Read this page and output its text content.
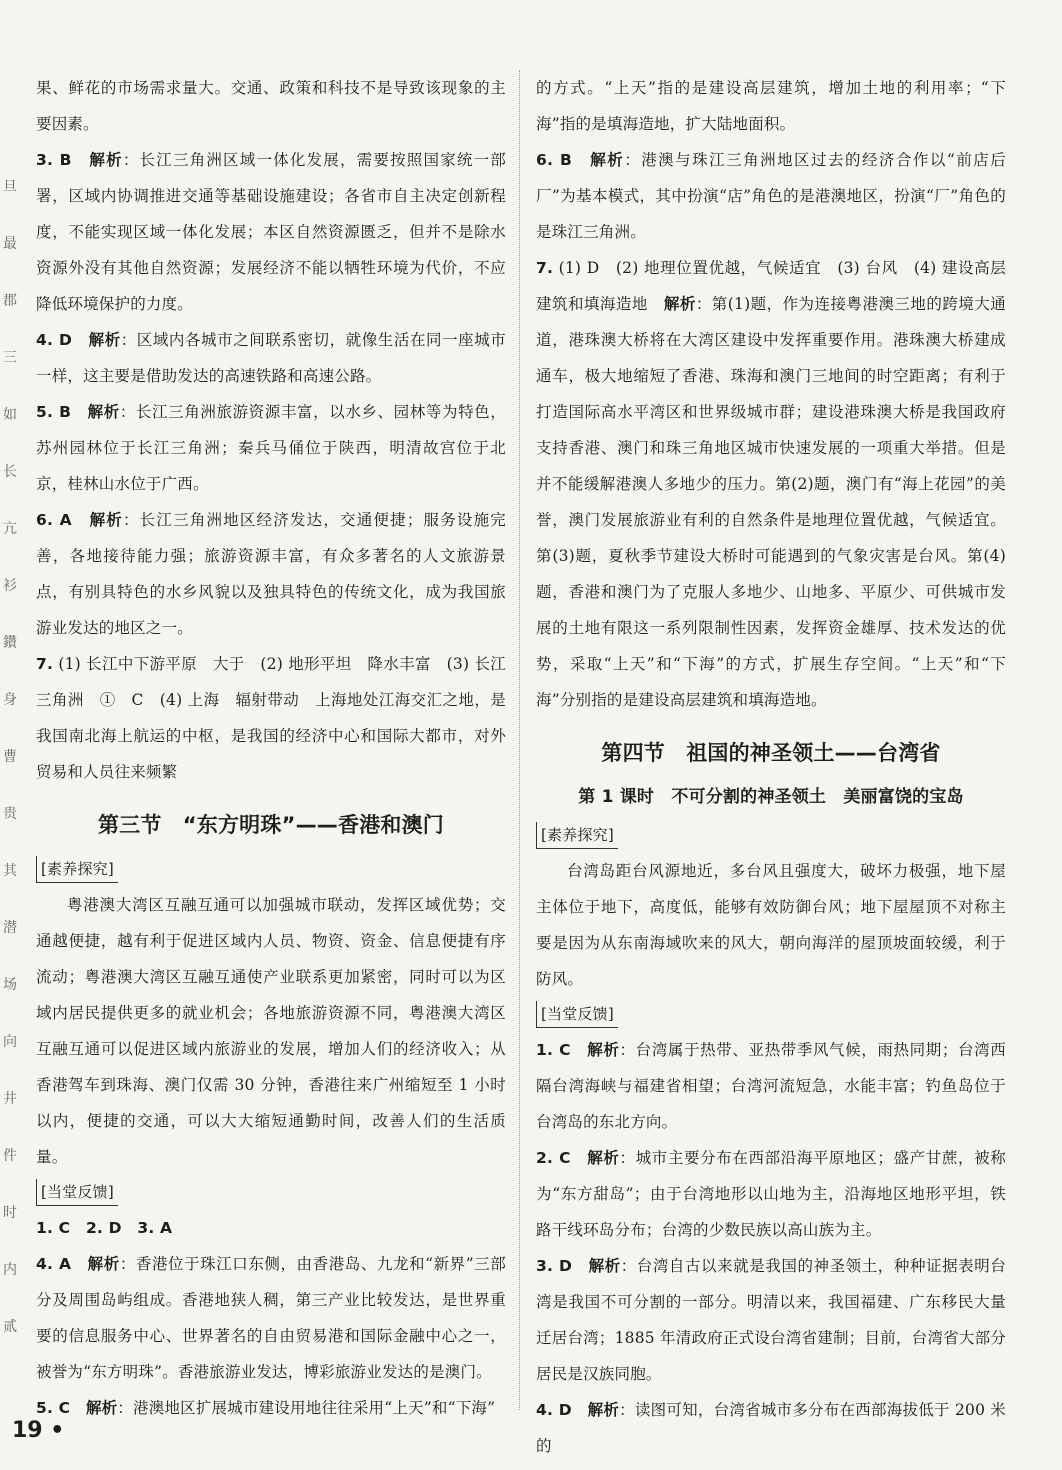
旦
最
郡
三
如
长
亢
衫
鑽
身
曹
贵
其
潜
场
向
井
件
时
内
贰

果、鲜花的市场需求量大。交通、政策和科技不是导致该现象的主要因素。

3. B　 解析：长江三角洲区域一体化发展，需要按照国家统一部署，区域内协调推进交通等基础设施建设；各省市自主决定创新程度，不能实现区域一体化发展；本区自然资源匮乏，但并不是除水资源外没有其他自然资源；发展经济不能以牺牲环境为代价，不应降低环境保护的力度。

4. D　 解析：区域内各城市之间联系密切，就像生活在同一座城市一样，这主要是借助发达的高速铁路和高速公路。

5. B　 解析：长江三角洲旅游资源丰富，以水乡、园林等为特色，苏州园林位于长江三角洲；秦兵马俑位于陕西，明清故宫位于北京，桂林山水位于广西。

6. A　 解析：长江三角洲地区经济发达，交通便捷；服务设施完善，各地接待能力强；旅游资源丰富，有众多著名的人文旅游景点，有别具特色的水乡风貌以及独具特色的传统文化，成为我国旅游业发达的地区之一。

7. (1) 长江中下游平原　大于　(2) 地形平坦　降水丰富　(3) 长江三角洲　①　C　(4) 上海　辐射带动　上海地处江海交汇之地，是我国南北海上航运的中枢，是我国的经济中心和国际大都市，对外贸易和人员往来频繁

第三节　“东方明珠”——香港和澳门
[素养探究]

粤港澳大湾区互融互通可以加强城市联动，发挥区域优势；交通越便捷，越有利于促进区域内人员、物资、资金、信息便捷有序流动；粤港澳大湾区互融互通使产业联系更加紧密，同时可以为区域内居民提供更多的就业机会；各地旅游资源不同，粤港澳大湾区互融互通可以促进区域内旅游业的发展，增加人们的经济收入；从香港驾车到珠海、澳门仅需 30 分钟，香港往来广州缩短至 1 小时以内，便捷的交通，可以大大缩短通勤时间，改善人们的生活质量。

[当堂反馈]

1. C　2. D　3. A

4. A　 解析：香港位于珠江口东侧，由香港岛、九龙和“新界”三部分及周围岛屿组成。香港地狭人稠，第三产业比较发达，是世界重要的信息服务中心、世界著名的自由贸易港和国际金融中心之一，被誉为“东方明珠”。香港旅游业发达，博彩旅游业发达的是澳门。

5. C　 解析：港澳地区扩展城市建设用地往往采用“上天”和“下海”

的方式。“上天”指的是建设高层建筑，增加土地的利用率；“下海”指的是填海造地，扩大陆地面积。

6. B　 解析：港澳与珠江三角洲地区过去的经济合作以“前店后厂”为基本模式，其中扮演“店”角色的是港澳地区，扮演“厂”角色的是珠江三角洲。

7. (1) D　(2) 地理位置优越，气候适宜　(3) 台风　(4) 建设高层建筑和填海造地　解析：第(1)题，作为连接粤港澳三地的跨境大通道，港珠澳大桥将在大湾区建设中发挥重要作用。港珠澳大桥建成通车，极大地缩短了香港、珠海和澳门三地间的时空距离；有利于打造国际高水平湾区和世界级城市群；建设港珠澳大桥是我国政府支持香港、澳门和珠三角地区城市快速发展的一项重大举措。但是并不能缓解港澳人多地少的压力。第(2)题，澳门有“海上花园”的美誉，澳门发展旅游业有利的自然条件是地理位置优越，气候适宜。第(3)题，夏秋季节建设大桥时可能遇到的气象灾害是台风。第(4)题，香港和澳门为了克服人多地少、山地多、平原少、可供城市发展的土地有限这一系列限制性因素，发挥资金雄厚、技术发达的优势，采取“上天”和“下海”的方式，扩展生存空间。“上天”和“下海”分别指的是建设高层建筑和填海造地。

第四节　祖国的神圣领土——台湾省
第 1 课时　不可分割的神圣领土　美丽富饶的宝岛
[素养探究]

台湾岛距台风源地近，多台风且强度大，破坏力极强，地下屋主体位于地下，高度低，能够有效防御台风；地下屋屋顶不对称主要是因为从东南海域吹来的风大，朝向海洋的屋顶坡面较缓，利于防风。

[当堂反馈]

1. C　 解析：台湾属于热带、亚热带季风气候，雨热同期；台湾西隔台湾海峡与福建省相望；台湾河流短急，水能丰富；钓鱼岛位于台湾岛的东北方向。

2. C　 解析：城市主要分布在西部沿海平原地区；盛产甘蔗，被称为“东方甜岛”；由于台湾地形以山地为主，沿海地区地形平坦，铁路干线环岛分布；台湾的少数民族以高山族为主。

3. D　 解析：台湾自古以来就是我国的神圣领土，种种证据表明台湾是我国不可分割的一部分。明清以来，我国福建、广东移民大量迁居台湾；1885 年清政府正式设台湾省建制；目前，台湾省大部分居民是汉族同胞。

4. D　 解析：读图可知，台湾省城市多分布在西部海拔低于 200 米的

19 •
